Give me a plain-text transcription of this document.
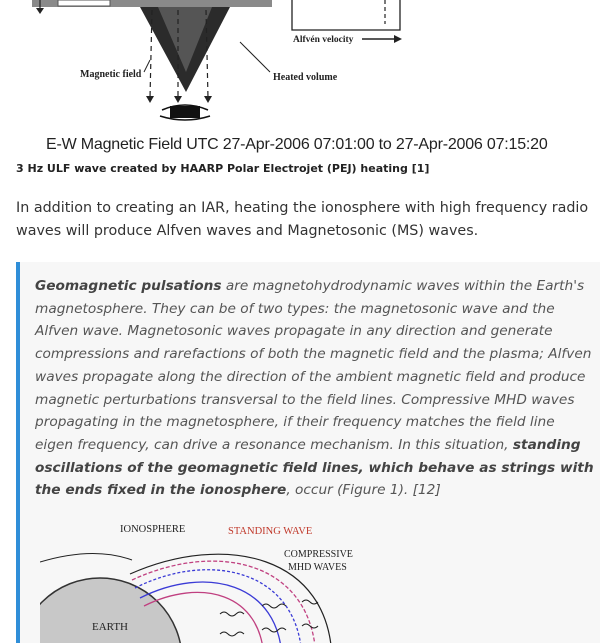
Magnetic field	Heated volume
Alfvén velocity
E-W Magnetic Field UTC 27-Apr-2006 07:01:00 to 27-Apr-2006 07:15:20
3 Hz ULF wave created by HAARP Polar Electrojet (PEJ) heating [1]
In addition to creating an IAR, heating the ionosphere with high frequency radio waves will produce Alfven waves and Magnetosonic (MS) waves.
Geomagnetic pulsations are magnetohydrodynamic waves within the Earth's magnetosphere. They can be of two types: the magnetosonic wave and the Alfven wave. Magnetosonic waves propagate in any direction and generate compressions and rarefactions of both the magnetic field and the plasma; Alfven waves propagate along the direction of the ambient magnetic field and produce magnetic perturbations transversal to the field lines. Compressive MHD waves propagating in the magnetosphere, if their frequency matches the field line eigen frequency, can drive a resonance mechanism. In this situation, standing oscillations of the geomagnetic field lines, which behave as strings with the ends fixed in the ionosphere, occur (Figure 1). [12]
IONOSPHERE	STANDING WAVE
COMPRESSIVE
MHD WAVES
EARTH
